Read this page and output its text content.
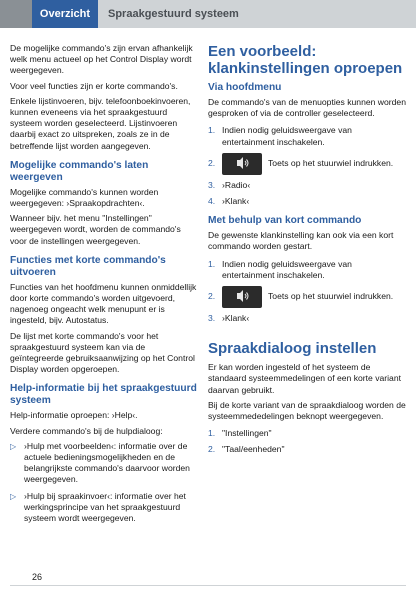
Overzicht	Spraakgestuurd systeem

De mogelijke commando's zijn ervan afhankelijk welk menu actueel op het Control Display wordt weergegeven.

Voor veel functies zijn er korte commando's.

Enkele lijstinvoeren, bijv. telefoonboekinvoeren, kunnen eveneens via het spraakgestuurd systeem worden geselecteerd. Lijstinvoeren daarbij exact zo uitspreken, zoals ze in de betreffende lijst worden aangegeven.

Mogelijke commando's laten weergeven

Mogelijke commando's kunnen worden weergegeven: ›Spraakopdrachten‹.

Wanneer bijv. het menu "Instellingen" weergegeven wordt, worden de commando's voor de instellingen weergegeven.

Functies met korte commando's uitvoeren

Functies van het hoofdmenu kunnen onmiddellijk door korte commando's worden uitgevoerd, nagenoeg ongeacht welk menupunt er is ingesteld, bijv. Autostatus.

De lijst met korte commando's voor het spraakgestuurd systeem kan via de geïntegreerde gebruiksaanwijzing op het Control Display worden opgeroepen.

Help-informatie bij het spraakgestuurd systeem

Help-informatie oproepen: ›Help‹.

Verdere commando's bij de hulpdialoog:

▷ ›Hulp met voorbeelden‹: informatie over de actuele bedieningsmogelijkheden en de belangrijkste commando's daarvoor worden weergegeven.
▷ ›Hulp bij spraakinvoer‹: informatie over het werkingsprincipe van het spraakgestuurd systeem wordt weergegeven.
Een voorbeeld: klankinstellingen oproepen
Via hoofdmenu

De commando's van de menuopties kunnen worden gesproken of via de controller geselecteerd.

1. Indien nodig geluidsweergave van entertainment inschakelen.
2.	Toets op het stuurwiel indrukken.
3. ›Radio‹
4. ›Klank‹
Met behulp van kort commando

De gewenste klankinstelling kan ook via een kort commando worden gestart.

1. Indien nodig geluidsweergave van entertainment inschakelen.
2.	Toets op het stuurwiel indrukken.
3. ›Klank‹
Spraakdialoog instellen

Er kan worden ingesteld of het systeem de standaard systeemmedelingen of een korte variant daarvan gebruikt.

Bij de korte variant van de spraakdialoog worden de systeemmededelingen beknopt weergegeven.

1. "Instellingen"
2. "Taal/eenheden"
26
